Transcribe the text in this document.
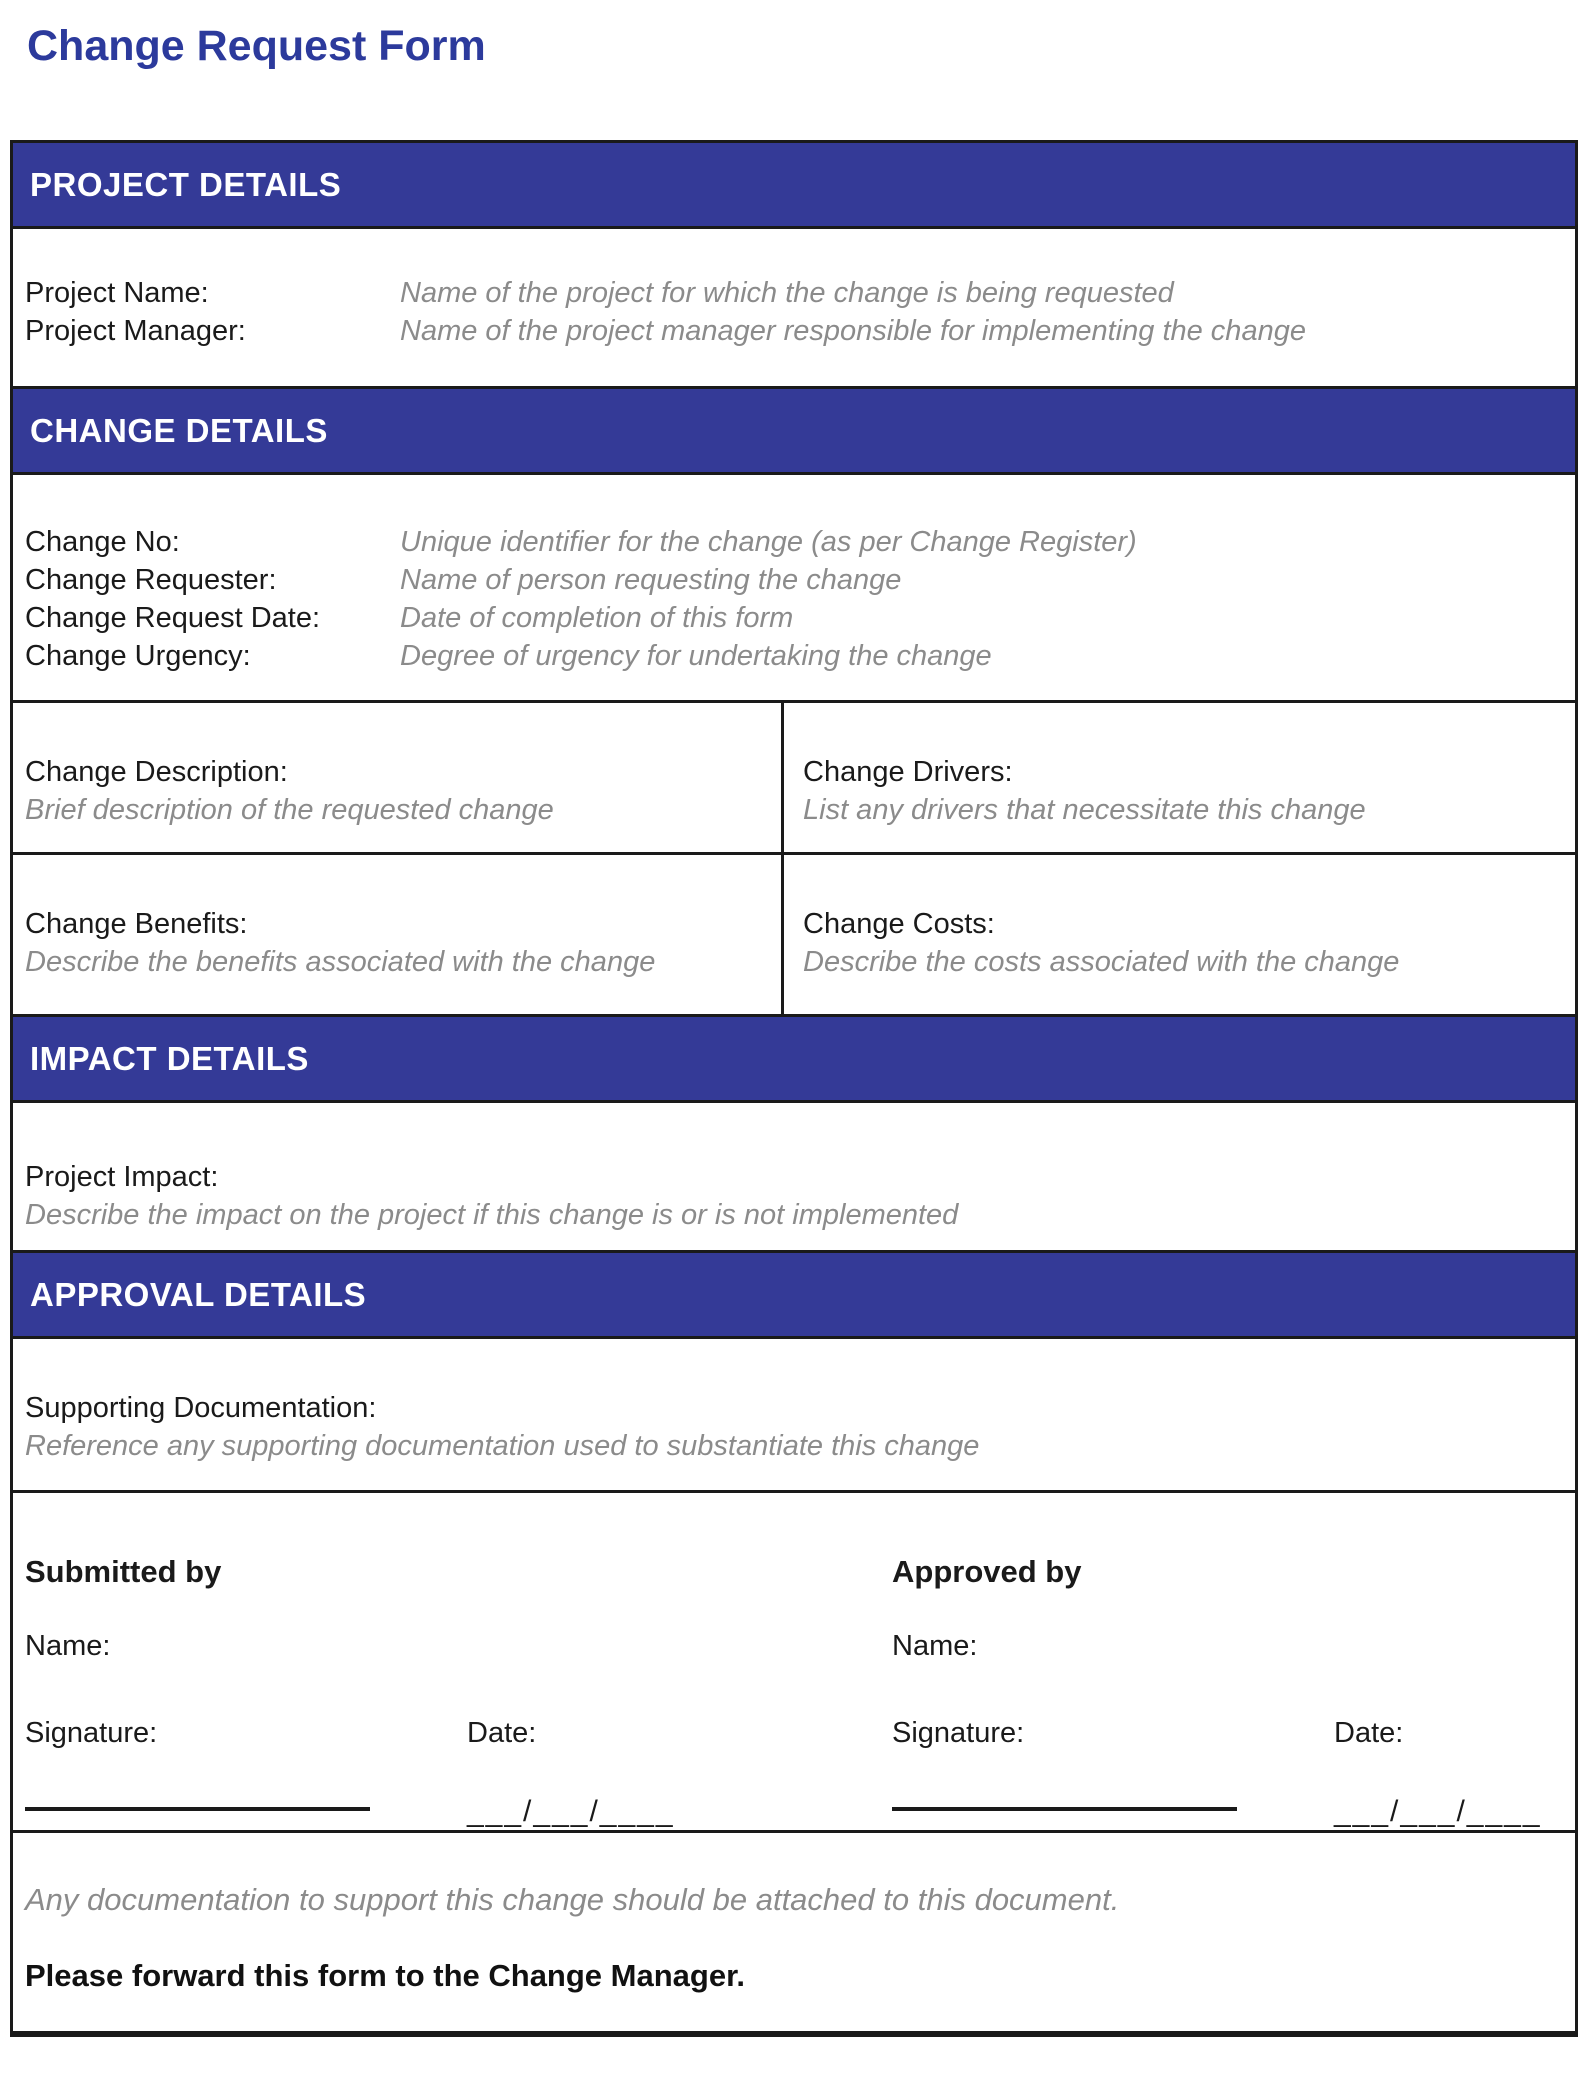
Change Request Form
PROJECT DETAILS
Project Name:
Project Manager:
Name of the project for which the change is being requested
Name of the project manager responsible for implementing the change
CHANGE DETAILS
Change No:
Change Requester:
Change Request Date:
Change Urgency:
Unique identifier for the change (as per Change Register)
Name of person requesting the change
Date of completion of this form
Degree of urgency for undertaking the change
Change Description:
Brief description of the requested change
Change Drivers:
List any drivers that necessitate this change
Change Benefits:
Describe the benefits associated with the change
Change Costs:
Describe the costs associated with the change
IMPACT DETAILS
Project Impact:
Describe the impact on the project if this change is or is not implemented
APPROVAL DETAILS
Supporting Documentation:
Reference any supporting documentation used to substantiate this change
Submitted by
Name:
Signature:	Date:
___/___/____
Approved by
Name:
Signature:	Date:
___/___/____
Any documentation to support this change should be attached to this document.
Please forward this form to the Change Manager.
